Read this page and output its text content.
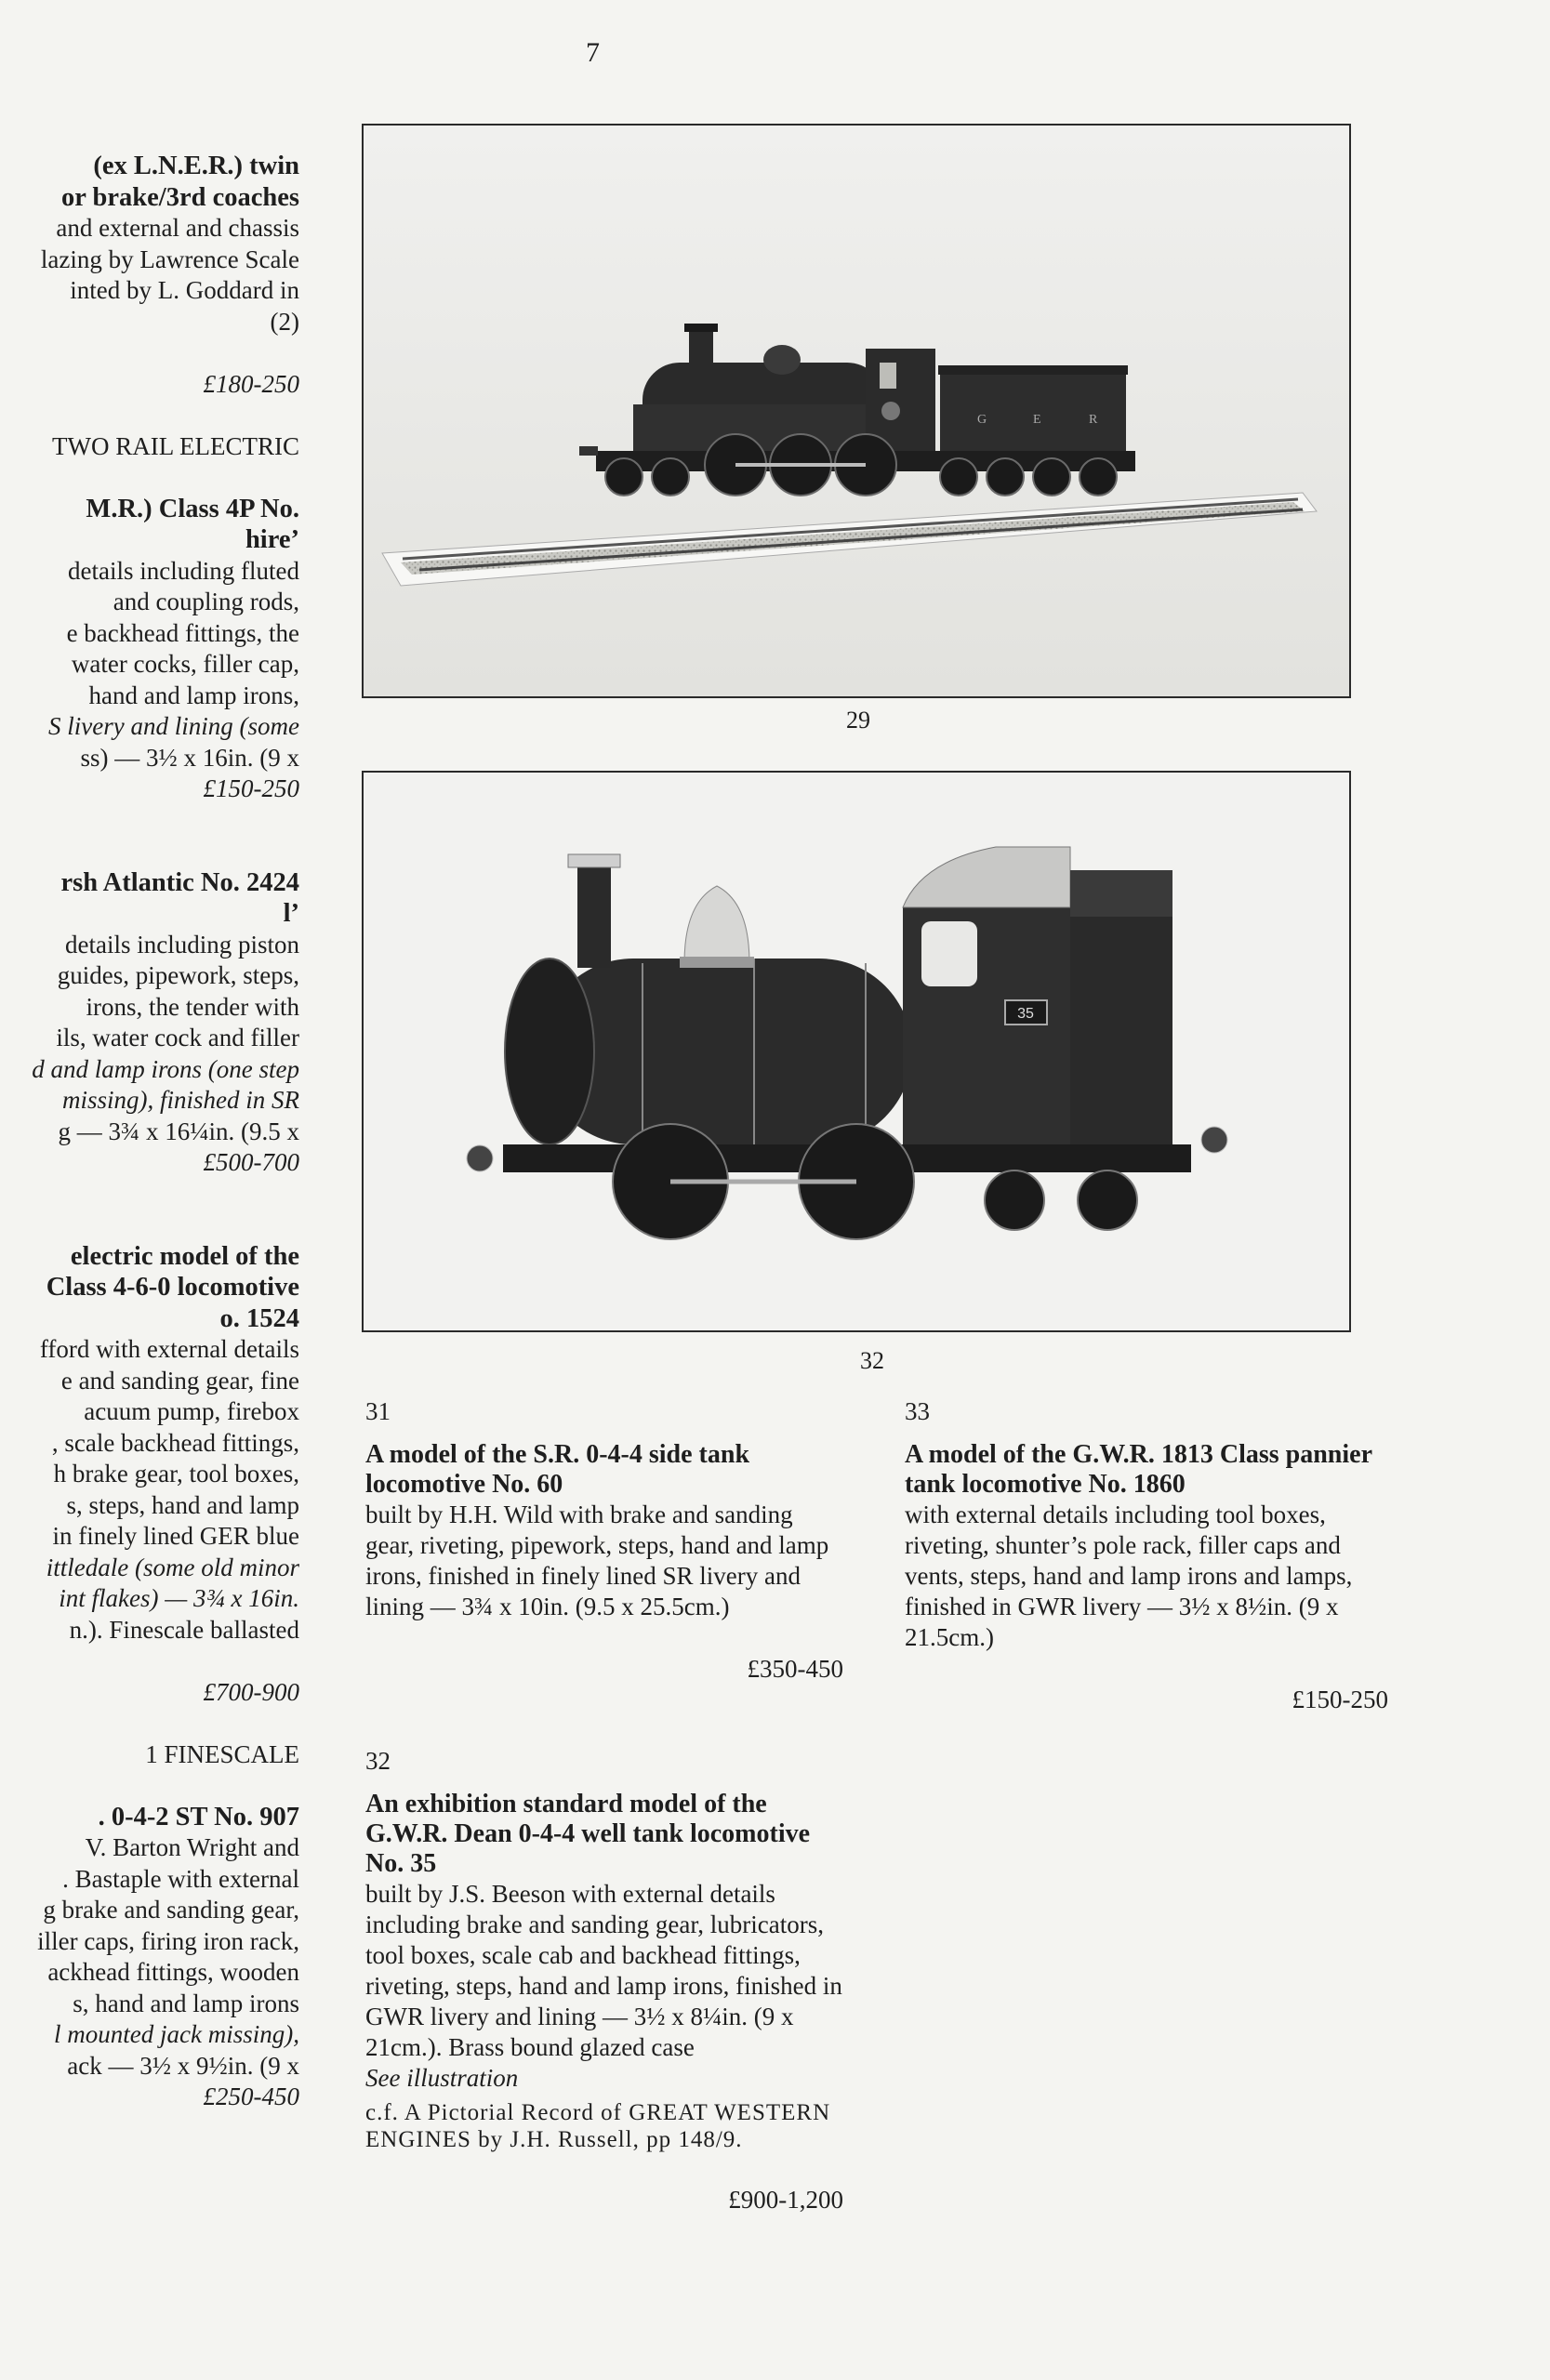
7
(ex L.N.E.R.) twin
or brake/3rd coaches
and external and chassis
lazing by Lawrence Scale
inted by L. Goddard in
(2)

£180-250

TWO RAIL ELECTRIC

M.R.) Class 4P No.
hire’
details including fluted
and coupling rods,
e backhead fittings, the
water cocks, filler cap,
hand and lamp irons,
S livery and lining (some
ss) — 3½ x 16in. (9 x
£150-250

rsh Atlantic No. 2424
l’
details including piston
guides, pipework, steps,
irons, the tender with
ils, water cock and filler
d and lamp irons (one step
missing), finished in SR
g — 3¾ x 16¼in. (9.5 x
£500-700

electric model of the
Class 4-6-0 locomotive
o. 1524
fford with external details
e and sanding gear, fine
acuum pump, firebox
, scale backhead fittings,
h brake gear, tool boxes,
s, steps, hand and lamp
in finely lined GER blue
ittledale (some old minor
int flakes) — 3¾ x 16in.
n.). Finescale ballasted

£700-900

1 FINESCALE

. 0-4-2 ST No. 907
V. Barton Wright and
. Bastaple with external
g brake and sanding gear,
iller caps, firing iron rack,
ackhead fittings, wooden
s, hand and lamp irons
l mounted jack missing),
ack — 3½ x 9½in. (9 x
£250-450
G	E	R
29
35
32
31
A model of the S.R. 0-4-4 side tank locomotive No. 60
built by H.H. Wild with brake and sanding gear, riveting, pipework, steps, hand and lamp irons, finished in finely lined SR livery and lining — 3¾ x 10in. (9.5 x 25.5cm.)
£350-450
33
A model of the G.W.R. 1813 Class pannier tank locomotive No. 1860
with external details including tool boxes, riveting, shunter’s pole rack, filler caps and vents, steps, hand and lamp irons and lamps, finished in GWR livery — 3½ x 8½in. (9 x 21.5cm.)
£150-250
32
An exhibition standard model of the G.W.R. Dean 0-4-4 well tank locomotive No. 35
built by J.S. Beeson with external details including brake and sanding gear, lubricators, tool boxes, scale cab and backhead fittings, riveting, steps, hand and lamp irons, finished in GWR livery and lining — 3½ x 8¼in. (9 x 21cm.). Brass bound glazed case
See illustration
c.f. A Pictorial Record of GREAT WESTERN ENGINES by J.H. Russell, pp 148/9.
£900-1,200
